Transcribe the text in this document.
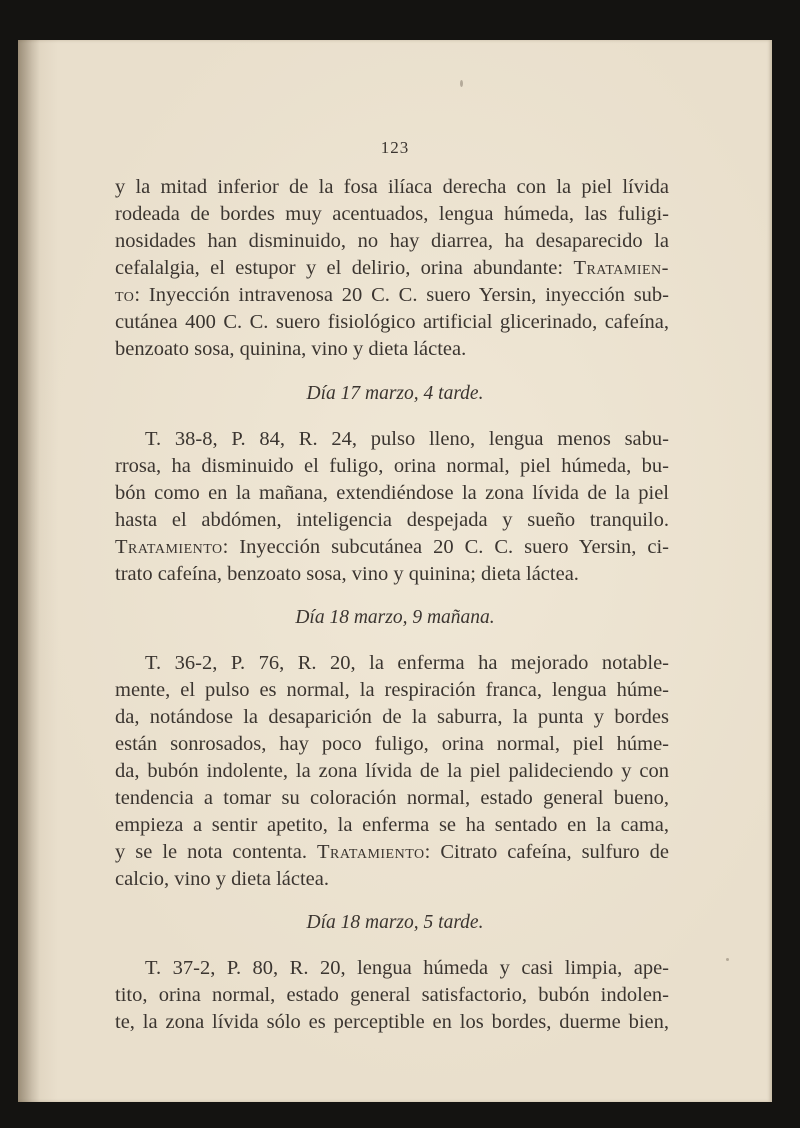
123
y la mitad inferior de la fosa ilíaca derecha con la piel lívida
rodeada de bordes muy acentuados, lengua húmeda, las fuligi-
nosidades han disminuido, no hay diarrea, ha desaparecido la
cefalalgia, el estupor y el delirio, orina abundante: Tratamien-
to: Inyección intravenosa 20 C. C. suero Yersin, inyección sub-
cutánea 400 C. C. suero fisiológico artificial glicerinado, cafeína,
benzoato sosa, quinina, vino y dieta láctea.
Día 17 marzo, 4 tarde.
T. 38-8, P. 84, R. 24, pulso lleno, lengua menos sabu-
rrosa, ha disminuido el fuligo, orina normal, piel húmeda, bu-
bón como en la mañana, extendiéndose la zona lívida de la piel
hasta el abdómen, inteligencia despejada y sueño tranquilo.
Tratamiento: Inyección subcutánea 20 C. C. suero Yersin, ci-
trato cafeína, benzoato sosa, vino y quinina; dieta láctea.
Día 18 marzo, 9 mañana.
T. 36-2, P. 76, R. 20, la enferma ha mejorado notable-
mente, el pulso es normal, la respiración franca, lengua húme-
da, notándose la desaparición de la saburra, la punta y bordes
están sonrosados, hay poco fuligo, orina normal, piel húme-
da, bubón indolente, la zona lívida de la piel palideciendo y con
tendencia a tomar su coloración normal, estado general bueno,
empieza a sentir apetito, la enferma se ha sentado en la cama,
y se le nota contenta. Tratamiento: Citrato cafeína, sulfuro de
calcio, vino y dieta láctea.
Día 18 marzo, 5 tarde.
T. 37-2, P. 80, R. 20, lengua húmeda y casi limpia, ape-
tito, orina normal, estado general satisfactorio, bubón indolen-
te, la zona lívida sólo es perceptible en los bordes, duerme bien,
